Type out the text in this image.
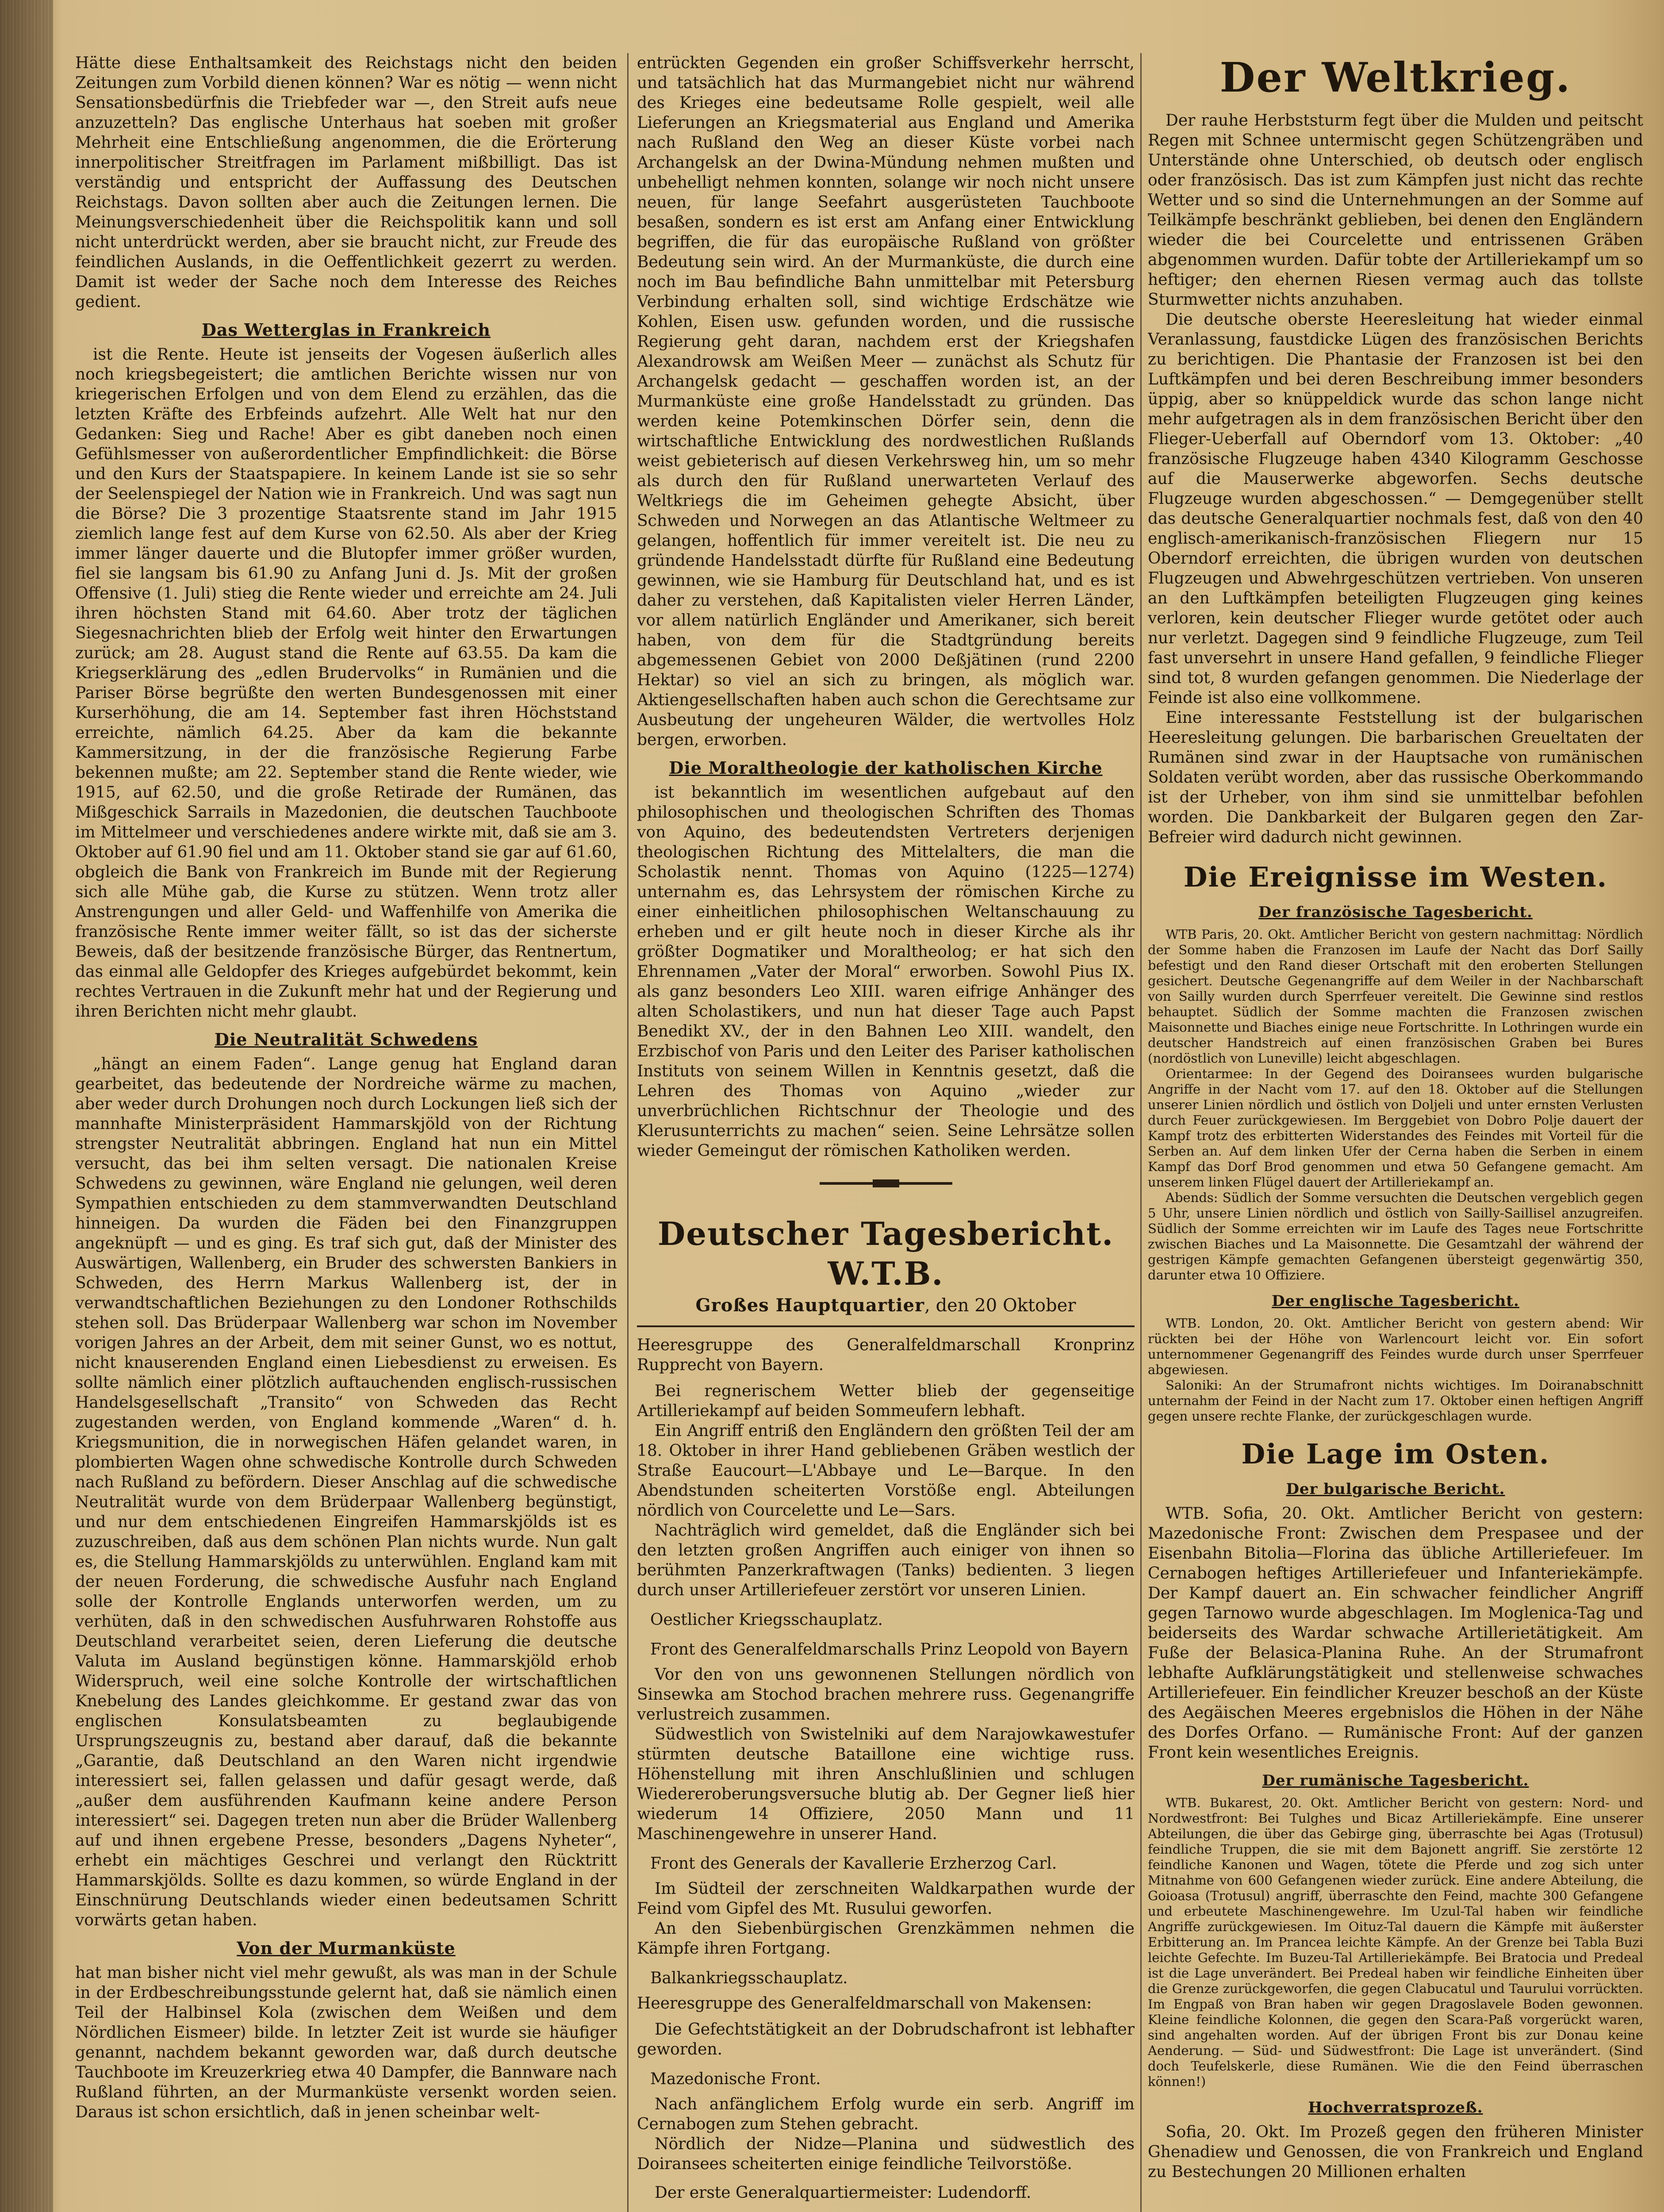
Hätte diese Enthaltsamkeit des Reichstags nicht den beiden Zeitungen zum Vorbild dienen können? War es nötig — wenn nicht Sensationsbedürfnis die Triebfeder war —, den Streit aufs neue anzuzetteln? Das englische Unterhaus hat soeben mit großer Mehrheit eine Entschließung angenommen, die die Erörterung innerpolitischer Streitfragen im Parlament mißbilligt. Das ist verständig und entspricht der Auffassung des Deutschen Reichstags. Davon sollten aber auch die Zeitungen lernen. Die Meinungsverschiedenheit über die Reichspolitik kann und soll nicht unterdrückt werden, aber sie braucht nicht, zur Freude des feindlichen Auslands, in die Oeffentlichkeit gezerrt zu werden. Damit ist weder der Sache noch dem Interesse des Reiches gedient.

Das Wetterglas in Frankreich

ist die Rente. Heute ist jenseits der Vogesen äußerlich alles noch kriegsbegeistert; die amtlichen Berichte wissen nur von kriegerischen Erfolgen und von dem Elend zu erzählen, das die letzten Kräfte des Erbfeinds aufzehrt. Alle Welt hat nur den Gedanken: Sieg und Rache! Aber es gibt daneben noch einen Gefühlsmesser von außerordentlicher Empfindlichkeit: die Börse und den Kurs der Staatspapiere. In keinem Lande ist sie so sehr der Seelenspiegel der Nation wie in Frankreich. Und was sagt nun die Börse? Die 3 prozentige Staatsrente stand im Jahr 1915 ziemlich lange fest auf dem Kurse von 62.50. Als aber der Krieg immer länger dauerte und die Blutopfer immer größer wurden, fiel sie langsam bis 61.90 zu Anfang Juni d. Js. Mit der großen Offensive (1. Juli) stieg die Rente wieder und erreichte am 24. Juli ihren höchsten Stand mit 64.60. Aber trotz der täglichen Siegesnachrichten blieb der Erfolg weit hinter den Erwartungen zurück; am 28. August stand die Rente auf 63.55. Da kam die Kriegserklärung des „edlen Brudervolks“ in Rumänien und die Pariser Börse begrüßte den werten Bundesgenossen mit einer Kurserhöhung, die am 14. September fast ihren Höchststand erreichte, nämlich 64.25. Aber da kam die bekannte Kammersitzung, in der die französische Regierung Farbe bekennen mußte; am 22. September stand die Rente wieder, wie 1915, auf 62.50, und die große Retirade der Rumänen, das Mißgeschick Sarrails in Mazedonien, die deutschen Tauchboote im Mittelmeer und verschiedenes andere wirkte mit, daß sie am 3. Oktober auf 61.90 fiel und am 11. Oktober stand sie gar auf 61.60, obgleich die Bank von Frankreich im Bunde mit der Regierung sich alle Mühe gab, die Kurse zu stützen. Wenn trotz aller Anstrengungen und aller Geld- und Waffenhilfe von Amerika die französische Rente immer weiter fällt, so ist das der sicherste Beweis, daß der besitzende französische Bürger, das Rentnertum, das einmal alle Geldopfer des Krieges aufgebürdet bekommt, kein rechtes Vertrauen in die Zukunft mehr hat und der Regierung und ihren Berichten nicht mehr glaubt.

Die Neutralität Schwedens

„hängt an einem Faden“. Lange genug hat England daran gearbeitet, das bedeutende der Nordreiche wärme zu machen, aber weder durch Drohungen noch durch Lockungen ließ sich der mannhafte Ministerpräsident Hammarskjöld von der Richtung strengster Neutralität abbringen. England hat nun ein Mittel versucht, das bei ihm selten versagt. Die nationalen Kreise Schwedens zu gewinnen, wäre England nie gelungen, weil deren Sympathien entschieden zu dem stammverwandten Deutschland hinneigen. Da wurden die Fäden bei den Finanzgruppen angeknüpft — und es ging. Es traf sich gut, daß der Minister des Auswärtigen, Wallenberg, ein Bruder des schwersten Bankiers in Schweden, des Herrn Markus Wallenberg ist, der in verwandtschaftlichen Beziehungen zu den Londoner Rothschilds stehen soll. Das Brüderpaar Wallenberg war schon im November vorigen Jahres an der Arbeit, dem mit seiner Gunst, wo es nottut, nicht knauserenden England einen Liebesdienst zu erweisen. Es sollte nämlich einer plötzlich auftauchenden englisch-russischen Handelsgesellschaft „Transito“ von Schweden das Recht zugestanden werden, von England kommende „Waren“ d. h. Kriegsmunition, die in norwegischen Häfen gelandet waren, in plombierten Wagen ohne schwedische Kontrolle durch Schweden nach Rußland zu befördern. Dieser Anschlag auf die schwedische Neutralität wurde von dem Brüderpaar Wallenberg begünstigt, und nur dem entschiedenen Eingreifen Hammarskjölds ist es zuzuschreiben, daß aus dem schönen Plan nichts wurde. Nun galt es, die Stellung Hammarskjölds zu unterwühlen. England kam mit der neuen Forderung, die schwedische Ausfuhr nach England solle der Kontrolle Englands unterworfen werden, um zu verhüten, daß in den schwedischen Ausfuhrwaren Rohstoffe aus Deutschland verarbeitet seien, deren Lieferung die deutsche Valuta im Ausland begünstigen könne. Hammarskjöld erhob Widerspruch, weil eine solche Kontrolle der wirtschaftlichen Knebelung des Landes gleichkomme. Er gestand zwar das von englischen Konsulatsbeamten zu beglaubigende Ursprungszeugnis zu, bestand aber darauf, daß die bekannte „Garantie, daß Deutschland an den Waren nicht irgendwie interessiert sei, fallen gelassen und dafür gesagt werde, daß „außer dem ausführenden Kaufmann keine andere Person interessiert“ sei. Dagegen treten nun aber die Brüder Wallenberg auf und ihnen ergebene Presse, besonders „Dagens Nyheter“, erhebt ein mächtiges Geschrei und verlangt den Rücktritt Hammarskjölds. Sollte es dazu kommen, so würde England in der Einschnürung Deutschlands wieder einen bedeutsamen Schritt vorwärts getan haben.

Von der Murmanküste

hat man bisher nicht viel mehr gewußt, als was man in der Schule in der Erdbeschreibungsstunde gelernt hat, daß sie nämlich einen Teil der Halbinsel Kola (zwischen dem Weißen und dem Nördlichen Eismeer) bilde. In letzter Zeit ist wurde sie häufiger genannt, nachdem bekannt geworden war, daß durch deutsche Tauchboote im Kreuzerkrieg etwa 40 Dampfer, die Bannware nach Rußland führten, an der Murmanküste versenkt worden seien. Daraus ist schon ersichtlich, daß in jenen scheinbar welt-

entrückten Gegenden ein großer Schiffsverkehr herrscht, und tatsächlich hat das Murmangebiet nicht nur während des Krieges eine bedeutsame Rolle gespielt, weil alle Lieferungen an Kriegsmaterial aus England und Amerika nach Rußland den Weg an dieser Küste vorbei nach Archangelsk an der Dwina-Mündung nehmen mußten und unbehelligt nehmen konnten, solange wir noch nicht unsere neuen, für lange Seefahrt ausgerüsteten Tauchboote besaßen, sondern es ist erst am Anfang einer Entwicklung begriffen, die für das europäische Rußland von größter Bedeutung sein wird. An der Murmanküste, die durch eine noch im Bau befindliche Bahn unmittelbar mit Petersburg Verbindung erhalten soll, sind wichtige Erdschätze wie Kohlen, Eisen usw. gefunden worden, und die russische Regierung geht daran, nachdem erst der Kriegshafen Alexandrowsk am Weißen Meer — zunächst als Schutz für Archangelsk gedacht — geschaffen worden ist, an der Murmanküste eine große Handelsstadt zu gründen. Das werden keine Potemkinschen Dörfer sein, denn die wirtschaftliche Entwicklung des nordwestlichen Rußlands weist gebieterisch auf diesen Verkehrsweg hin, um so mehr als durch den für Rußland unerwarteten Verlauf des Weltkriegs die im Geheimen gehegte Absicht, über Schweden und Norwegen an das Atlantische Weltmeer zu gelangen, hoffentlich für immer vereitelt ist. Die neu zu gründende Handelsstadt dürfte für Rußland eine Bedeutung gewinnen, wie sie Hamburg für Deutschland hat, und es ist daher zu verstehen, daß Kapitalisten vieler Herren Länder, vor allem natürlich Engländer und Amerikaner, sich bereit haben, von dem für die Stadtgründung bereits abgemessenen Gebiet von 2000 Deßjätinen (rund 2200 Hektar) so viel an sich zu bringen, als möglich war. Aktiengesellschaften haben auch schon die Gerechtsame zur Ausbeutung der ungeheuren Wälder, die wertvolles Holz bergen, erworben.

Die Moraltheologie der katholischen Kirche

ist bekanntlich im wesentlichen aufgebaut auf den philosophischen und theologischen Schriften des Thomas von Aquino, des bedeutendsten Vertreters derjenigen theologischen Richtung des Mittelalters, die man die Scholastik nennt. Thomas von Aquino (1225—1274) unternahm es, das Lehrsystem der römischen Kirche zu einer einheitlichen philosophischen Weltanschauung zu erheben und er gilt heute noch in dieser Kirche als ihr größter Dogmatiker und Moraltheolog; er hat sich den Ehrennamen „Vater der Moral“ erworben. Sowohl Pius IX. als ganz besonders Leo XIII. waren eifrige Anhänger des alten Scholastikers, und nun hat dieser Tage auch Papst Benedikt XV., der in den Bahnen Leo XIII. wandelt, den Erzbischof von Paris und den Leiter des Pariser katholischen Instituts von seinem Willen in Kenntnis gesetzt, daß die Lehren des Thomas von Aquino „wieder zur unverbrüchlichen Richtschnur der Theologie und des Klerusunterrichts zu machen“ seien. Seine Lehrsätze sollen wieder Gemeingut der römischen Katholiken werden.

Deutscher Tagesbericht. W.T.B.
Großes Hauptquartier, den 20 Oktober

Heeresgruppe des Generalfeldmarschall Kronprinz Rupprecht von Bayern.

Bei regnerischem Wetter blieb der gegenseitige Artilleriekampf auf beiden Sommeufern lebhaft.

Ein Angriff entriß den Engländern den größten Teil der am 18. Oktober in ihrer Hand gebliebenen Gräben westlich der Straße Eaucourt—L'Abbaye und Le—Barque. In den Abendstunden scheiterten Vorstöße engl. Abteilungen nördlich von Courcelette und Le—Sars.

Nachträglich wird gemeldet, daß die Engländer sich bei den letzten großen Angriffen auch einiger von ihnen so berühmten Panzerkraftwagen (Tanks) bedienten. 3 liegen durch unser Artilleriefeuer zerstört vor unseren Linien.

Oestlicher Kriegsschauplatz.
Front des Generalfeldmarschalls Prinz Leopold von Bayern

Vor den von uns gewonnenen Stellungen nördlich von Sinsewka am Stochod brachen mehrere russ. Gegenangriffe verlustreich zusammen.

Südwestlich von Swistelniki auf dem Narajowkawestufer stürmten deutsche Bataillone eine wichtige russ. Höhenstellung mit ihren Anschlußlinien und schlugen Wiedereroberungsversuche blutig ab. Der Gegner ließ hier wiederum 14 Offiziere, 2050 Mann und 11 Maschinengewehre in unserer Hand.

Front des Generals der Kavallerie Erzherzog Carl.

Im Südteil der zerschneiten Waldkarpathen wurde der Feind vom Gipfel des Mt. Rusului geworfen.

An den Siebenbürgischen Grenzkämmen nehmen die Kämpfe ihren Fortgang.

Balkankriegsschauplatz.

Heeresgruppe des Generalfeldmarschall von Makensen:

Die Gefechtstätigkeit an der Dobrudschafront ist lebhafter geworden.

Mazedonische Front.

Nach anfänglichem Erfolg wurde ein serb. Angriff im Cernabogen zum Stehen gebracht.

Nördlich der Nidze—Planina und südwestlich des Doiransees scheiterten einige feindliche Teilvorstöße.

Der erste Generalquartiermeister: Ludendorff.

Der Weltkrieg.

Der rauhe Herbststurm fegt über die Mulden und peitscht Regen mit Schnee untermischt gegen Schützengräben und Unterstände ohne Unterschied, ob deutsch oder englisch oder französisch. Das ist zum Kämpfen just nicht das rechte Wetter und so sind die Unternehmungen an der Somme auf Teilkämpfe beschränkt geblieben, bei denen den Engländern wieder die bei Courcelette und entrissenen Gräben abgenommen wurden. Dafür tobte der Artilleriekampf um so heftiger; den ehernen Riesen vermag auch das tollste Sturmwetter nichts anzuhaben.

Die deutsche oberste Heeresleitung hat wieder einmal Veranlassung, faustdicke Lügen des französischen Berichts zu berichtigen. Die Phantasie der Franzosen ist bei den Luftkämpfen und bei deren Beschreibung immer besonders üppig, aber so knüppeldick wurde das schon lange nicht mehr aufgetragen als in dem französischen Bericht über den Flieger-Ueberfall auf Oberndorf vom 13. Oktober: „40 französische Flugzeuge haben 4340 Kilogramm Geschosse auf die Mauserwerke abgeworfen. Sechs deutsche Flugzeuge wurden abgeschossen.“ — Demgegenüber stellt das deutsche Generalquartier nochmals fest, daß von den 40 englisch-amerikanisch-französischen Fliegern nur 15 Oberndorf erreichten, die übrigen wurden von deutschen Flugzeugen und Abwehrgeschützen vertrieben. Von unseren an den Luftkämpfen beteiligten Flugzeugen ging keines verloren, kein deutscher Flieger wurde getötet oder auch nur verletzt. Dagegen sind 9 feindliche Flugzeuge, zum Teil fast unversehrt in unsere Hand gefallen, 9 feindliche Flieger sind tot, 8 wurden gefangen genommen. Die Niederlage der Feinde ist also eine vollkommene.

Eine interessante Feststellung ist der bulgarischen Heeresleitung gelungen. Die barbarischen Greueltaten der Rumänen sind zwar in der Hauptsache von rumänischen Soldaten verübt worden, aber das russische Oberkommando ist der Urheber, von ihm sind sie unmittelbar befohlen worden. Die Dankbarkeit der Bulgaren gegen den Zar-Befreier wird dadurch nicht gewinnen.

Die Ereignisse im Westen.
Der französische Tagesbericht.

WTB Paris, 20. Okt. Amtlicher Bericht von gestern nachmittag: Nördlich der Somme haben die Franzosen im Laufe der Nacht das Dorf Sailly befestigt und den Rand dieser Ortschaft mit den eroberten Stellungen gesichert. Deutsche Gegenangriffe auf dem Weiler in der Nachbarschaft von Sailly wurden durch Sperrfeuer vereitelt. Die Gewinne sind restlos behauptet. Südlich der Somme machten die Franzosen zwischen Maisonnette und Biaches einige neue Fortschritte. In Lothringen wurde ein deutscher Handstreich auf einen französischen Graben bei Bures (nordöstlich von Luneville) leicht abgeschlagen.

Orientarmee: In der Gegend des Doiransees wurden bulgarische Angriffe in der Nacht vom 17. auf den 18. Oktober auf die Stellungen unserer Linien nördlich und östlich von Doljeli und unter ernsten Verlusten durch Feuer zurückgewiesen. Im Berggebiet von Dobro Polje dauert der Kampf trotz des erbitterten Widerstandes des Feindes mit Vorteil für die Serben an. Auf dem linken Ufer der Cerna haben die Serben in einem Kampf das Dorf Brod genommen und etwa 50 Gefangene gemacht. Am unserem linken Flügel dauert der Artilleriekampf an.

Abends: Südlich der Somme versuchten die Deutschen vergeblich gegen 5 Uhr, unsere Linien nördlich und östlich von Sailly-Saillisel anzugreifen. Südlich der Somme erreichten wir im Laufe des Tages neue Fortschritte zwischen Biaches und La Maisonnette. Die Gesamtzahl der während der gestrigen Kämpfe gemachten Gefangenen übersteigt gegenwärtig 350, darunter etwa 10 Offiziere.

Der englische Tagesbericht.

WTB. London, 20. Okt. Amtlicher Bericht von gestern abend: Wir rückten bei der Höhe von Warlencourt leicht vor. Ein sofort unternommener Gegenangriff des Feindes wurde durch unser Sperrfeuer abgewiesen.

Saloniki: An der Strumafront nichts wichtiges. Im Doiranabschnitt unternahm der Feind in der Nacht zum 17. Oktober einen heftigen Angriff gegen unsere rechte Flanke, der zurückgeschlagen wurde.

Die Lage im Osten.
Der bulgarische Bericht.

WTB. Sofia, 20. Okt. Amtlicher Bericht von gestern: Mazedonische Front: Zwischen dem Prespasee und der Eisenbahn Bitolia—Florina das übliche Artilleriefeuer. Im Cernabogen heftiges Artilleriefeuer und Infanteriekämpfe. Der Kampf dauert an. Ein schwacher feindlicher Angriff gegen Tarnowo wurde abgeschlagen. Im Moglenica-Tag und beiderseits des Wardar schwache Artillerietätigkeit. Am Fuße der Belasica-Planina Ruhe. An der Strumafront lebhafte Aufklärungstätigkeit und stellenweise schwaches Artilleriefeuer. Ein feindlicher Kreuzer beschoß an der Küste des Aegäischen Meeres ergebnislos die Höhen in der Nähe des Dorfes Orfano. — Rumänische Front: Auf der ganzen Front kein wesentliches Ereignis.

Der rumänische Tagesbericht.

WTB. Bukarest, 20. Okt. Amtlicher Bericht von gestern: Nord- und Nordwestfront: Bei Tulghes und Bicaz Artilleriekämpfe. Eine unserer Abteilungen, die über das Gebirge ging, überraschte bei Agas (Trotusul) feindliche Truppen, die sie mit dem Bajonett angriff. Sie zerstörte 12 feindliche Kanonen und Wagen, tötete die Pferde und zog sich unter Mitnahme von 600 Gefangenen wieder zurück. Eine andere Abteilung, die Goioasa (Trotusul) angriff, überraschte den Feind, machte 300 Gefangene und erbeutete Maschinengewehre. Im Uzul-Tal haben wir feindliche Angriffe zurückgewiesen. Im Oituz-Tal dauern die Kämpfe mit äußerster Erbitterung an. Im Prancea leichte Kämpfe. An der Grenze bei Tabla Buzi leichte Gefechte. Im Buzeu-Tal Artilleriekämpfe. Bei Bratocia und Predeal ist die Lage unverändert. Bei Predeal haben wir feindliche Einheiten über die Grenze zurückgeworfen, die gegen Clabucatul und Taurului vorrückten. Im Engpaß von Bran haben wir gegen Dragoslavele Boden gewonnen. Kleine feindliche Kolonnen, die gegen den Scara-Paß vorgerückt waren, sind angehalten worden. Auf der übrigen Front bis zur Donau keine Aenderung. — Süd- und Südwestfront: Die Lage ist unverändert. (Sind doch Teufelskerle, diese Rumänen. Wie die den Feind überraschen können!)

Hochverratsprozeß.

Sofia, 20. Okt. Im Prozeß gegen den früheren Minister Ghenadiew und Genossen, die von Frankreich und England zu Bestechungen 20 Millionen erhalten
